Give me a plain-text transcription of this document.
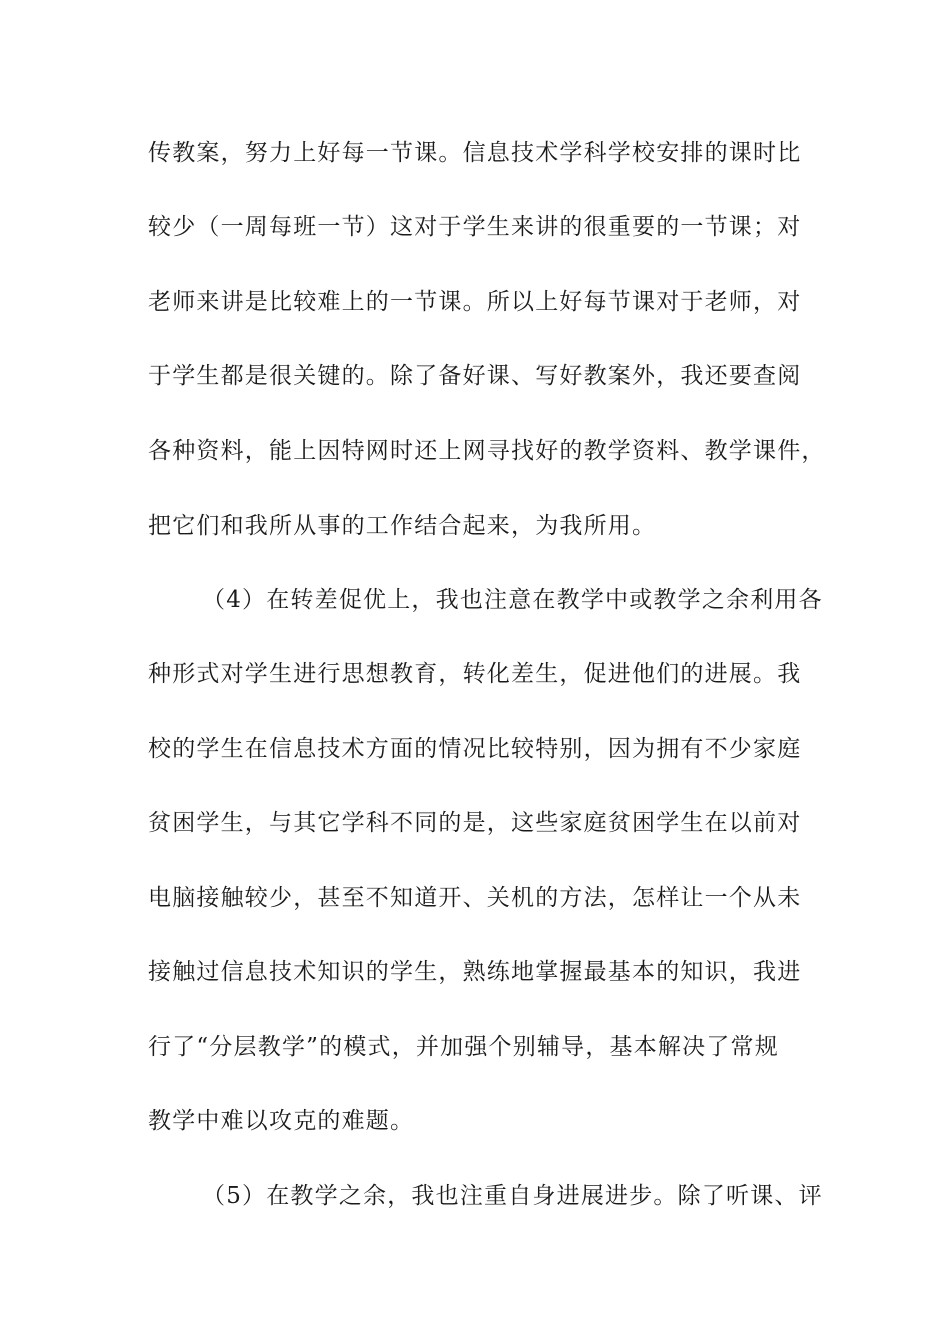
传教案，努力上好每一节课。信息技术学科学校安排的课时比
较少（一周每班一节）这对于学生来讲的很重要的一节课；对
老师来讲是比较难上的一节课。所以上好每节课对于老师，对
于学生都是很关键的。除了备好课、写好教案外，我还要查阅
各种资料，能上因特网时还上网寻找好的教学资料、教学课件，
把它们和我所从事的工作结合起来，为我所用。
（4）在转差促优上，我也注意在教学中或教学之余利用各
种形式对学生进行思想教育，转化差生，促进他们的进展。我
校的学生在信息技术方面的情况比较特别，因为拥有不少家庭
贫困学生，与其它学科不同的是，这些家庭贫困学生在以前对
电脑接触较少，甚至不知道开、关机的方法，怎样让一个从未
接触过信息技术知识的学生，熟练地掌握最基本的知识，我进
行了“分层教学”的模式，并加强个别辅导，基本解决了常规
教学中难以攻克的难题。
（5）在教学之余，我也注重自身进展进步。除了听课、评
